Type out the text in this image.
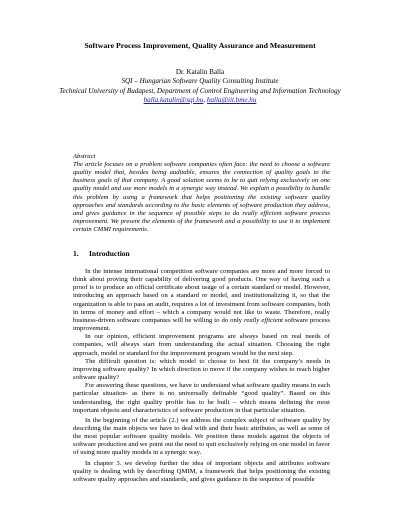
Software Process Improvement, Quality Assurance and Measurement
Dr. Katalin Balla
SQI – Hungarian Software Quality Consulting Institute
Technical University of Budapest, Department of Control Engineering and Information Technology
balla.katalin@sqi.hu, balla@iit.bme.hu
Abstract
The article focuses on a problem software companies often face: the need to choose a software quality model that, besides being auditable, ensures the connection of quality goals to the business goals of that company. A good solution seems to be to quit relying exclusively on one quality model and use more models in a synergic way instead. We explain a possibility to handle this problem by using a framework that helps positioning the existing software quality approaches and standards according to the basic elements of software production they address, and gives guidance in the sequence of possible steps to do really efficient software process improvement. We present the elements of the framework and a possibility to use it to implement certain CMMI requirements.
1. Introduction

In the intense international competition software companies are more and more forced to think about proving their capability of delivering good products. One way of having such a proof is to produce an official certificate about usage of a certain standard or model. However, introducing an approach based on a standard or model, and institutionalizing it, so that the organization is able to pass an audit, requires a lot of investment from software companies, both in terms of money and effort – which a company would not like to waste. Therefore, really business-driven software companies will be willing to do only really efficient software process improvement.

In our opinion, efficient improvement programs are always based on real needs of companies, will always start from understanding the actual situation. Choosing the right approach, model or standard for the improvement program would be the next step.

The difficult question is: which model to choose to best fit the company’s needs in improving software quality? In which direction to move if the company wishes to reach higher software quality?

For answering these questions, we have to understand what software quality means in each particular situation- as there is no universally definable “good quality”. Based on this understanding, the right quality profile has to be built – which means defining the most important objects and characteristics of software production in that particular situation.

In the beginning of the article (2.) we address the complex subject of software quality by describing the main objects we have to deal with and their basic attributes, as well as some of the most popular software quality models. We position these models against the objects of software production and we point out the need to quit exclusively relying on one model in favor of using more quality models in a synergic way.

In chapter 3. we develop further the idea of important objects and attributes software quality is dealing with by describing QMIM, a framework that helps positioning the existing software quality approaches and standards, and gives guidance in the sequence of possible
